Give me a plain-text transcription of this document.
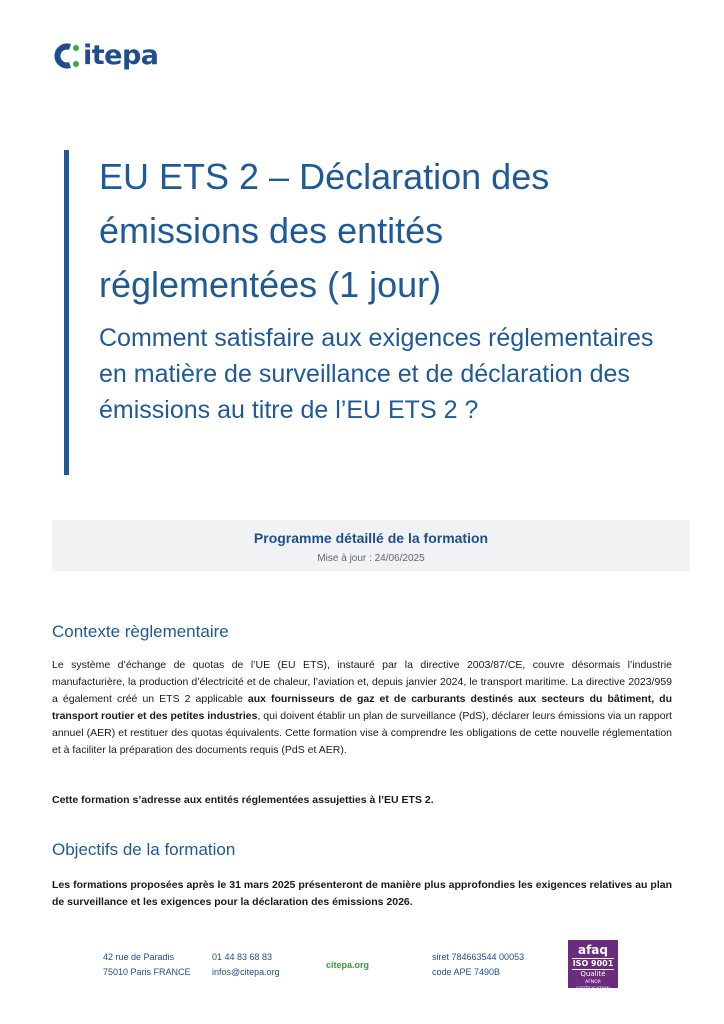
itepa
EU ETS 2 – Déclaration des émissions des entités réglementées (1 jour)
Comment satisfaire aux exigences réglementaires en matière de surveillance et de déclaration des émissions au titre de l’EU ETS 2 ?
Programme détaillé de la formation
Mise à jour : 24/06/2025
Contexte règlementaire

Le système d’échange de quotas de l’UE (EU ETS), instauré par la directive 2003/87/CE, couvre désormais l’industrie manufacturière, la production d’électricité et de chaleur, l’aviation et, depuis janvier 2024, le transport maritime. La directive 2023/959 a également créé un ETS 2 applicable aux fournisseurs de gaz et de carburants destinés aux secteurs du bâtiment, du transport routier et des petites industries, qui doivent établir un plan de surveillance (PdS), déclarer leurs émissions via un rapport annuel (AER) et restituer des quotas équivalents. Cette formation vise à comprendre les obligations de cette nouvelle réglementation et à faciliter la préparation des documents requis (PdS et AER).

Cette formation s’adresse aux entités réglementées assujetties à l’EU ETS 2.

Objectifs de la formation

Les formations proposées après le 31 mars 2025 présenteront de manière plus approfondies les exigences relatives au plan de surveillance et les exigences pour la déclaration des émissions 2026.

42 rue de Paradis
75010 Paris FRANCE
01 44 83 68 83
infos@citepa.org
citepa.org
siret 784663544 00053
code APE 7490B
afaq
ISO 9001
Qualité
AFNOR CERTIFICATION
